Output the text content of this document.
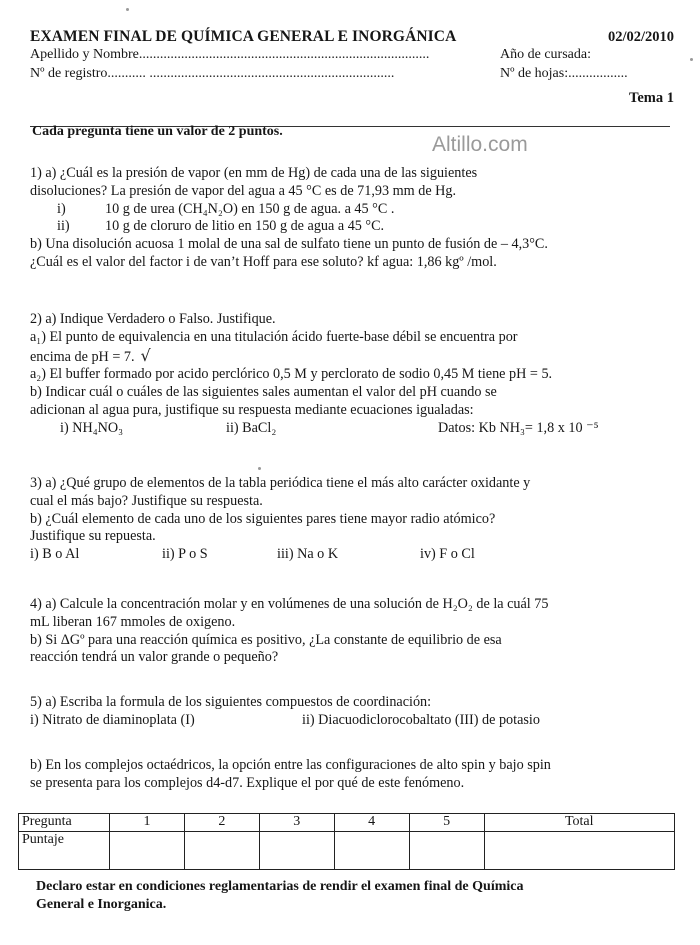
EXAMEN FINAL DE QUÍMICA GENERAL E INORGÁNICA	02/02/2010
Apellido y Nombre...................................................................................	Año de cursada:
Nº de registro........... ......................................................................	Nº de hojas:.................
Tema 1
Cada pregunta tiene un valor de 2 puntos.
Altillo.com
1) a) ¿Cuál es la presión de vapor (en mm de Hg) de cada una de las siguientes
disoluciones? La presión de vapor del agua a 45 °C es de 71,93 mm de Hg.
i)	10 g de urea (CH₄N₂O) en 150 g de agua. a 45 °C .
ii) 10 g de cloruro de litio en 150 g de agua a 45 °C.
b) Una disolución acuosa 1 molal de una sal de sulfato tiene un punto de fusión de – 4,3°C.
¿Cuál es el valor del factor i de van’t Hoff para ese soluto? kf agua: 1,86 kgº /mol.
2) a) Indique Verdadero o Falso. Justifique.
a₁) El punto de equivalencia en una titulación ácido fuerte-base débil se encuentra por
encima de pH = 7. √
a₂) El buffer formado por acido perclórico 0,5 M y perclorato de sodio 0,45 M tiene pH = 5.
b) Indicar cuál o cuáles de las siguientes sales aumentan el valor del pH cuando se
adicionan al agua pura, justifique su respuesta mediante ecuaciones igualadas:
i) NH₄NO₃	ii) BaCl₂	Datos: Kb NH₃= 1,8 x 10 ⁻⁵
3) a) ¿Qué grupo de elementos de la tabla periódica tiene el más alto carácter oxidante y
cual el más bajo? Justifique su respuesta.
b) ¿Cuál elemento de cada uno de los siguientes pares tiene mayor radio atómico?
Justifique su repuesta.
i) B o Al	ii) P o S	iii) Na o K	iv) F o Cl
4) a) Calcule la concentración molar y en volúmenes de una solución de H₂O₂ de la cuál 75
mL liberan 167 mmoles de oxigeno.
b) Si ΔGº para una reacción química es positivo, ¿La constante de equilibrio de esa
reacción tendrá un valor grande o pequeño?
5) a) Escriba la formula de los siguientes compuestos de coordinación:
i) Nitrato de diaminoplata (I)	ii) Diacuodiclorocobaltato (III) de potasio
b) En los complejos octaédricos, la opción entre las configuraciones de alto spin y bajo spin
se presenta para los complejos d4-d7. Explique el por qué de este fenómeno.
Pregunta	1	2	3	4	5	Total
Puntaje						
Declaro estar en condiciones reglamentarias de rendir el examen final de Química
General e Inorganica.
